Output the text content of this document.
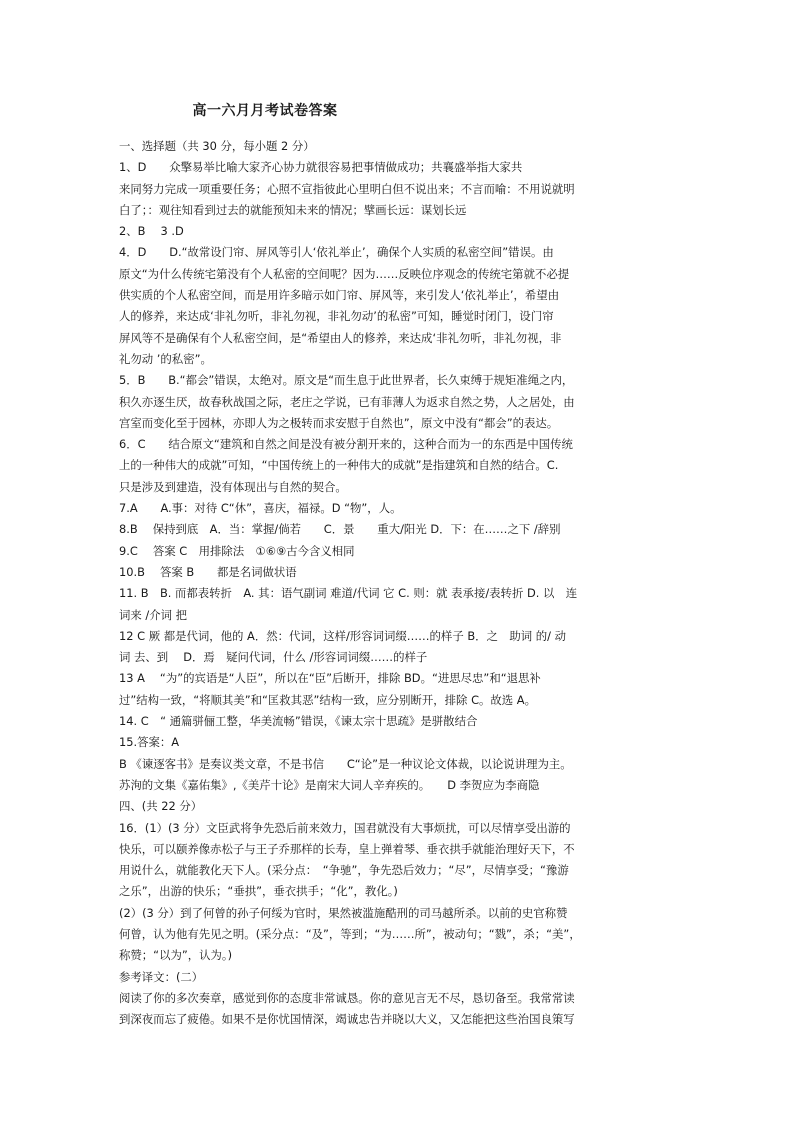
高一六月月考试卷答案

一、选择题（共 30 分，每小题 2 分）

1、D　　众擎易举比喻大家齐心协力就很容易把事情做成功；共襄盛举指大家共

来同努力完成一项重要任务；心照不宣指彼此心里明白但不说出来；不言而喻：不用说就明

白了；：观往知看到过去的就能预知未来的情况；擘画长远：谋划长远

2、B　 3 .D

4．D　　D.“故常设门帘、屏风等引人‘依礼举止’，确保个人实质的私密空间”错误。由

原文“为什么传统宅第没有个人私密的空间呢？因为……反映位序观念的传统宅第就不必提

供实质的个人私密空间，而是用许多暗示如门帘、屏风等，来引发人‘依礼举止’，希望由

人的修养，来达成‘非礼勿听，非礼勿视，非礼勿动’的私密”可知，睡觉时闭门，设门帘

屏风等不是确保有个人私密空间，是“希望由人的修养，来达成‘非礼勿听，非礼勿视，非

礼勿动 ’的私密”。

5．B　　B.“都会”错误，太绝对。原文是“而生息于此世界者，长久束缚于规矩准绳之内，

积久亦逐生厌，故春秋战国之际，老庄之学说，已有菲薄人为返求自然之势，人之居处，由

宫室而变化至于园林，亦即人为之极转而求安慰于自然也”，原文中没有“都会”的表达。

6．C　　结合原文“建筑和自然之间是没有被分割开来的，这种合而为一的东西是中国传统

上的一种伟大的成就”可知，“中国传统上的一种伟大的成就”是指建筑和自然的结合。C.

只是涉及到建造，没有体现出与自然的契合。

7.A　　A.事：对待 C“休”，喜庆，福禄。D “物”，人。

8.B　 保持到底　A．当：掌握/倘若　　C．景　　重大/阳光 D．下：在……之下 /辞别

9.C　 答案 C　用排除法　①⑥⑨古今含义相同

10.B　 答案 B　　都是名词做状语

11. B　B. 而都表转折　A. 其：语气副词 难道/代词 它 C. 则：就 表承接/表转折 D. 以　连

词来 /介词 把

12 C 厥 都是代词，他的 A．然：代词，这样/形容词词缀……的样子 B．之　助词 的/ 动

词 去、到　 D．焉　疑问代词，什么 /形容词词缀……的样子

13 A　 “为”的宾语是“人臣”，所以在“臣”后断开，排除 BD。“进思尽忠”和“退思补

过”结构一致，“将顺其美”和“匡救其恶”结构一致，应分别断开，排除 C。故选 A。

14. C　“ 通篇骈俪工整，华美流畅”错误，《谏太宗十思疏》是骈散结合

15.答案：A

B 《谏逐客书》是奏议类文章，不是书信　　C“论”是一种议论文体裁，以论说讲理为主。

苏洵的文集《嘉佑集》,《美芹十论》是南宋大词人辛弃疾的。　　D 李贺应为李商隐

四、(共 22 分）

16．(1）(3 分）文臣武将争先恐后前来效力，国君就没有大事烦扰，可以尽情享受出游的

快乐，可以颐养像赤松子与王子乔那样的长寿，皇上弹着琴、垂衣拱手就能治理好天下，不

用说什么，就能教化天下人。(采分点：　“争驰”，争先恐后效力；“尽”，尽情享受；“豫游

之乐”，出游的快乐；“垂拱”，垂衣拱手；“化”，教化。)

(2）(3 分）到了何曾的孙子何绥为官时，果然被滥施酷刑的司马越所杀。以前的史官称赞

何曾，认为他有先见之明。(采分点：“及”，等到；“为……所”，被动句；“戮”，杀；“美”，

称赞；“以为”，认为。)

参考译文：(二）

阅读了你的多次奏章，感觉到你的态度非常诚恳。你的意见言无不尽，恳切备至。我常常读

到深夜而忘了疲倦。如果不是你忧国情深，竭诚忠告并晓以大义，又怎能把这些治国良策写
